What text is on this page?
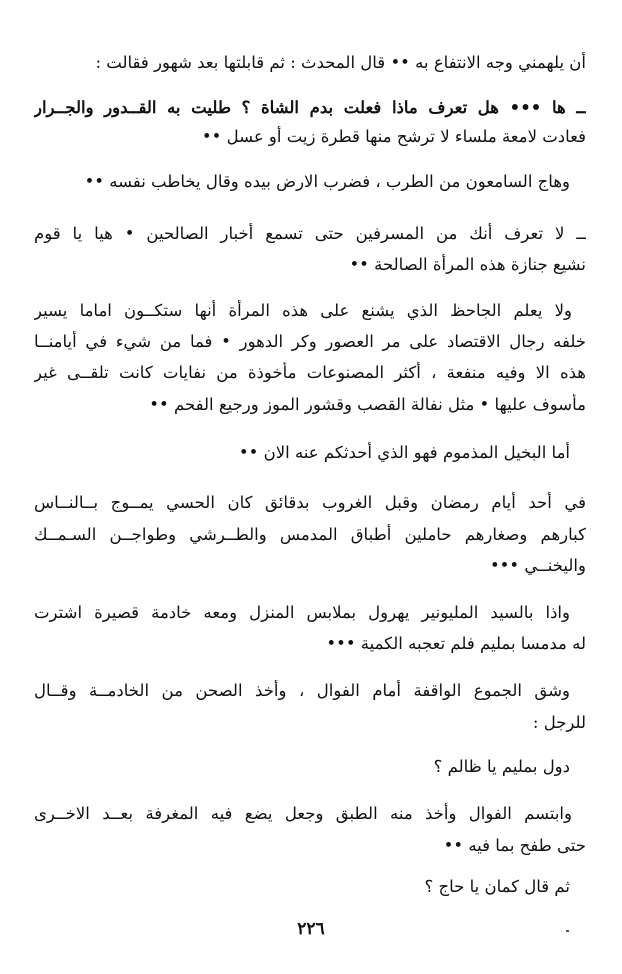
أن يلهمني وجه الانتفاع به •• قال المحدث : ثم قابلتها بعد شهور فقالت :
ــ ها ••• هل تعرف ماذا فعلت بدم الشاة ؟ طليت به القــدور والجــرار
فعادت لامعة ملساء لا ترشح منها قطرة زيت أو عسل ••
وهاج السامعون من الطرب ، فضرب الارض بيده وقال يخاطب نفسه ••
ــ لا تعرف أنك من المسرفين حتى تسمع أخبار الصالحين • هيا يا قوم
نشيع جنازة هذه المرأة الصالحة ••
ولا يعلم الجاحظ الذي يشنع على هذه المرأة أنها ستكــون اماما يسير
خلفه رجال الاقتصاد على مر العصور وكر الدهور • فما من شيء في أيامنــا
هذه الا وفيه منفعة ، أكثر المصنوعات مأخوذة من نفايات كانت تلقــى غير
مأسوف عليها • مثل نفالة القصب وقشور الموز ورجيع الفحم ••
أما البخيل المذموم فهو الذي أحدثكم عنه الان ••
في أحد أيام رمضان وقبل الغروب بدقائق كان الحسي يمــوج بــالنــاس
كبارهم وصغارهم حاملين أطباق المدمس والطــرشي وطواجــن السـمــك
واليخنــي •••
واذا بالسيد المليونير يهرول بملابس المنزل ومعه خادمة قصيرة اشترت
له مدمسا بمليم فلم تعجبه الكمية •••
وشق الجموع الواقفة أمام الفوال ، وأخذ الصحن من الخادمــة وقــال
للرجل :
دول بمليم يا ظالم ؟
وابتسم الفوال وأخذ منه الطبق وجعل يضع فيه المغرفة بعــد الاخــرى
حتى طفح بما فيه ••
ثم قال كمان يا حاج ؟
٢٢٦
